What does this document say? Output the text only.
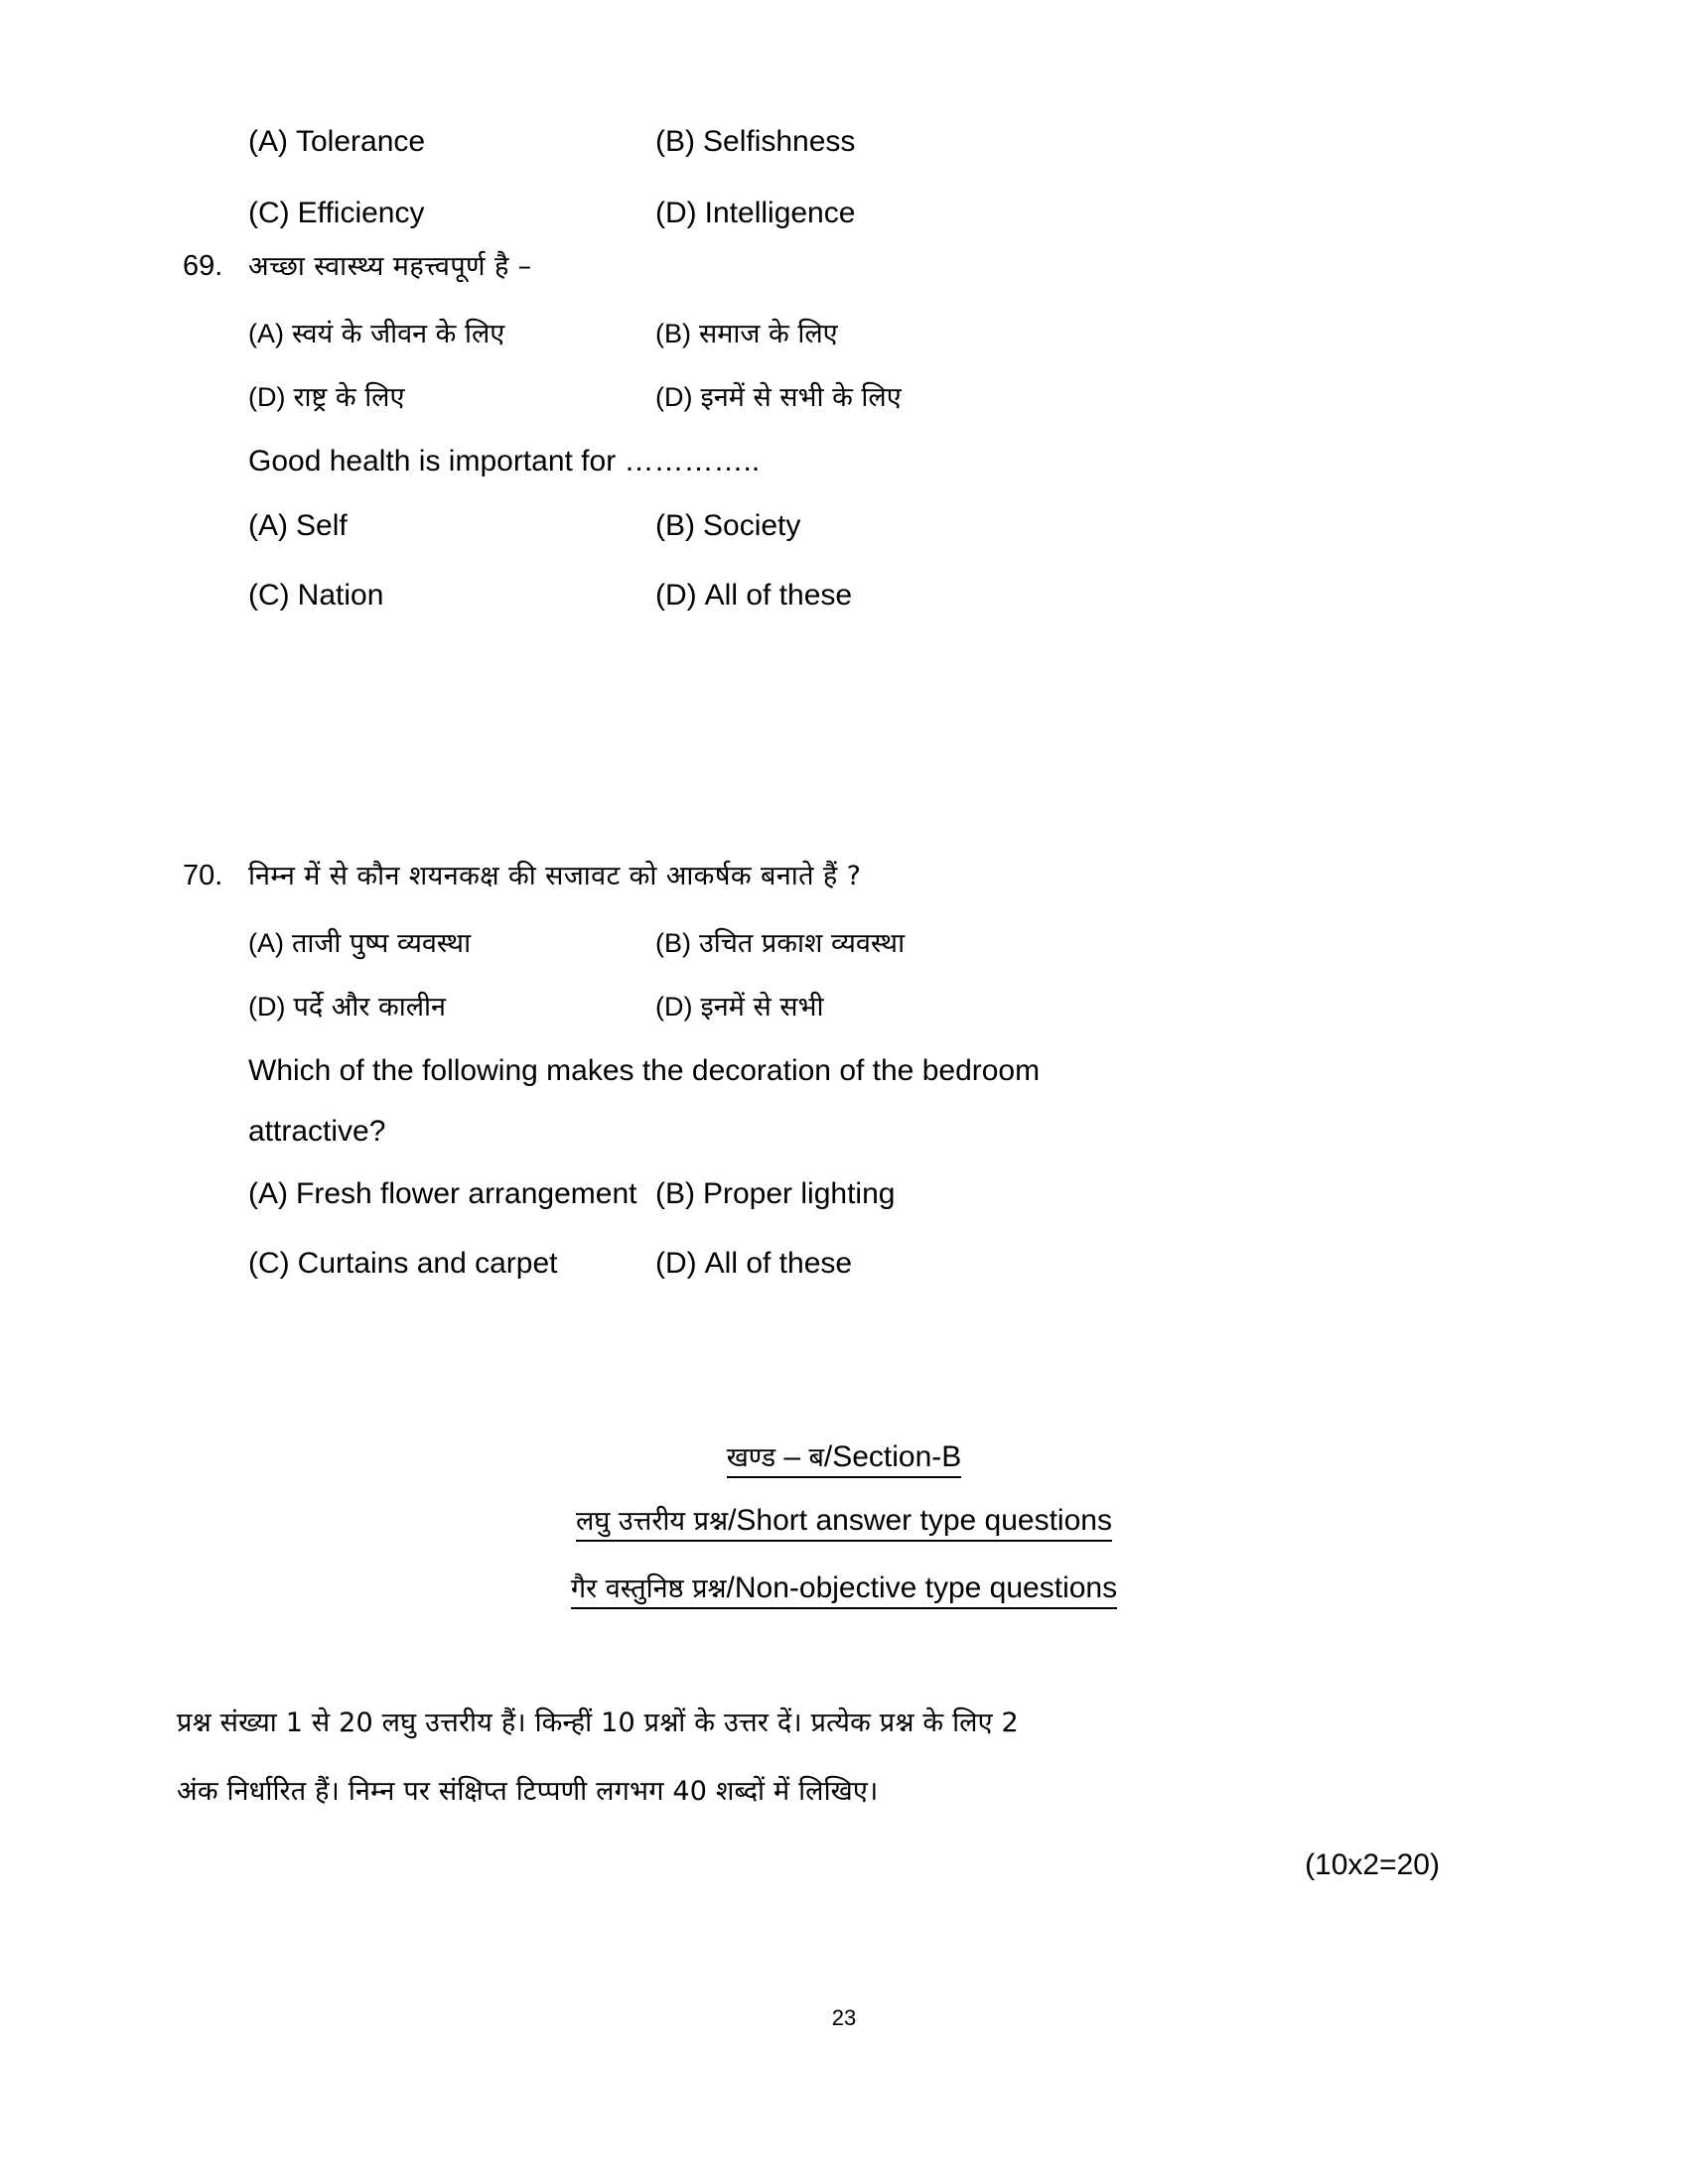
(A) Tolerance	(B) Selfishness
(C) Efficiency	(D) Intelligence
69. अच्छा स्वास्थ्य महत्त्वपूर्ण है –
(A) स्वयं के जीवन के लिए	(B) समाज के लिए
(D) राष्ट्र के लिए	(D) इनमें से सभी के लिए
Good health is important for …………..
(A) Self	(B) Society
(C) Nation	(D) All of these
70. निम्न में से कौन शयनकक्ष की सजावट को आकर्षक बनाते हैं ?
(A) ताजी पुष्प व्यवस्था	(B) उचित प्रकाश व्यवस्था
(D) पर्दे और कालीन	(D) इनमें से सभी
Which of the following makes the decoration of the bedroom
attractive?
(A) Fresh flower arrangement (B) Proper lighting
(C) Curtains and carpet	(D) All of these
खण्ड – ब/Section-B
लघु उत्तरीय प्रश्न/Short answer type questions
गैर वस्तुनिष्ठ प्रश्न/Non-objective type questions
प्रश्न संख्या 1 से 20 लघु उत्तरीय हैं। किन्हीं 10 प्रश्नों के उत्तर दें। प्रत्येक प्रश्न के लिए 2
अंक निर्धारित हैं। निम्न पर संक्षिप्त टिप्पणी लगभग 40 शब्दों में लिखिए।
(10x2=20)
23
